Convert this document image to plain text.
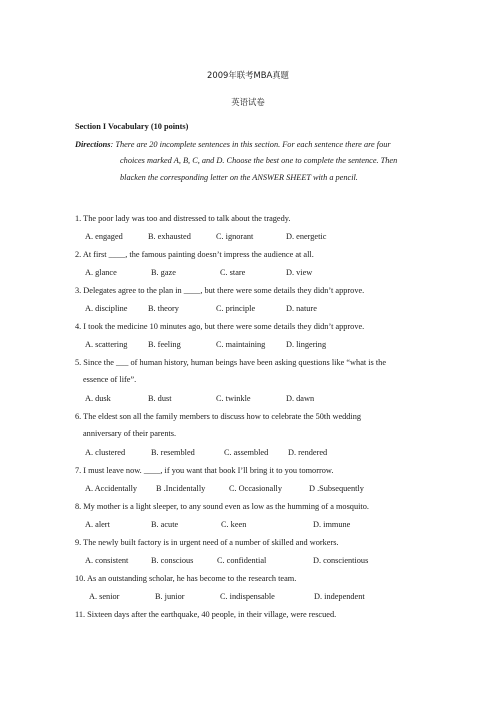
2009年联考MBA真题
英语试卷
Section I Vocabulary (10 points)
Directions: There are 20 incomplete sentences in this section. For each sentence there are four
choices marked A, B, C, and D. Choose the best one to complete the sentence. Then
blacken the corresponding letter on the ANSWER SHEET with a pencil.
1. The poor lady was too and distressed to talk about the tragedy.
A. engaged	B. exhausted	C. ignorant	D. energetic
2. At first ____, the famous painting doesn’t impress the audience at all.
A. glance	B. gaze	C. stare	D. view
3. Delegates agree to the plan in ____, but there were some details they didn’t approve.
A. discipline B. theory	C. principle	D. nature
4. I took the medicine 10 minutes ago, but there were some details they didn’t approve.
A. scattering B. feeling	C. maintaining D. lingering
5. Since the ___ of human history, human beings have been asking questions like “what is the
essence of life”.
A. dusk	B. dust	C. twinkle	D. dawn
6. The eldest son all the family members to discuss how to celebrate the 50th wedding
anniversary of their parents.
A. clustered	B. resembled	C. assembled D. rendered
7. I must leave now. ____, if you want that book I’ll bring it to you tomorrow.
A. Accidentally B .Incidentally	C. Occasionally	D .Subsequently
8. My mother is a light sleeper, to any sound even as low as the humming of a mosquito.
A. alert	B. acute	C. keen	D. immune
9. The newly built factory is in urgent need of a number of skilled and workers.
A. consistent	B. conscious	C. confidential	D. conscientious
10. As an outstanding scholar, he has become to the research team.
A. senior	B. junior	C. indispensable	D. independent
11. Sixteen days after the earthquake, 40 people, in their village, were rescued.
